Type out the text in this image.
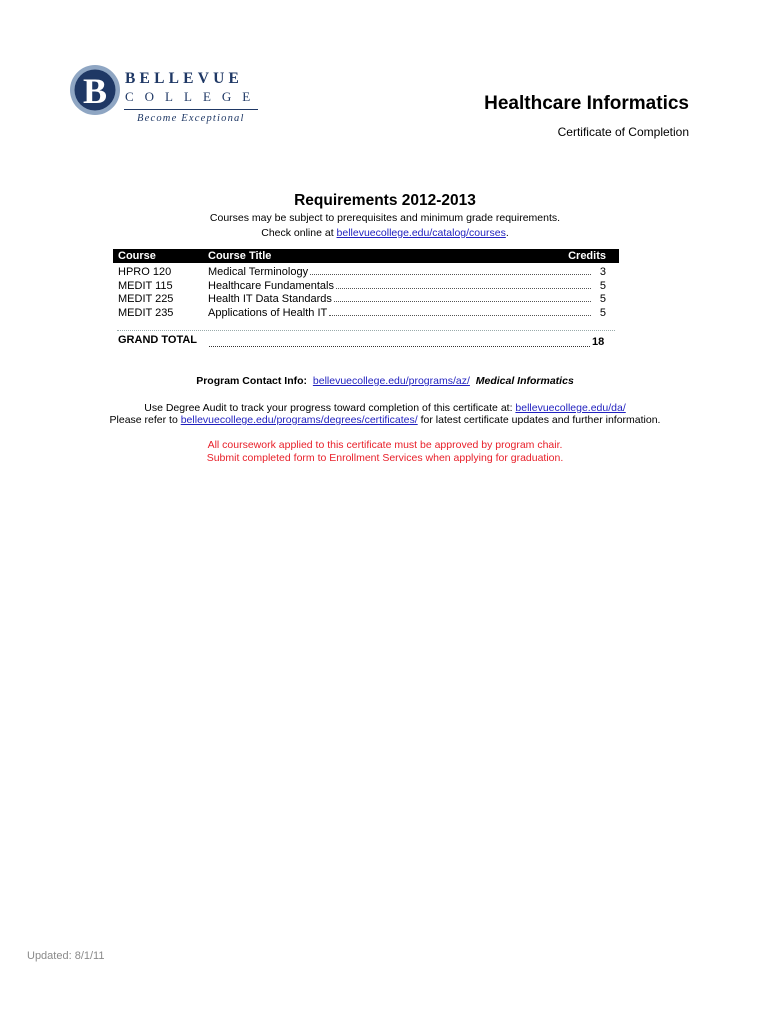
B BELLEVUE
COLLEGE
Become Exceptional
Healthcare Informatics
Certificate of Completion
Requirements 2012-2013
Courses may be subject to prerequisites and minimum grade requirements.
Check online at bellevuecollege.edu/catalog/courses.
Course	Course Title	Credits
HPRO 120	Medical Terminology	3
MEDIT 115	Healthcare Fundamentals	5
MEDIT 225	Health IT Data Standards	5
MEDIT 235	Applications of Health IT	5
GRAND TOTAL	18
Program Contact Info: bellevuecollege.edu/programs/az/ Medical Informatics
Use Degree Audit to track your progress toward completion of this certificate at: bellevuecollege.edu/da/
Please refer to bellevuecollege.edu/programs/degrees/certificates/ for latest certificate updates and further information.
All coursework applied to this certificate must be approved by program chair.
Submit completed form to Enrollment Services when applying for graduation.
Updated: 8/1/11
